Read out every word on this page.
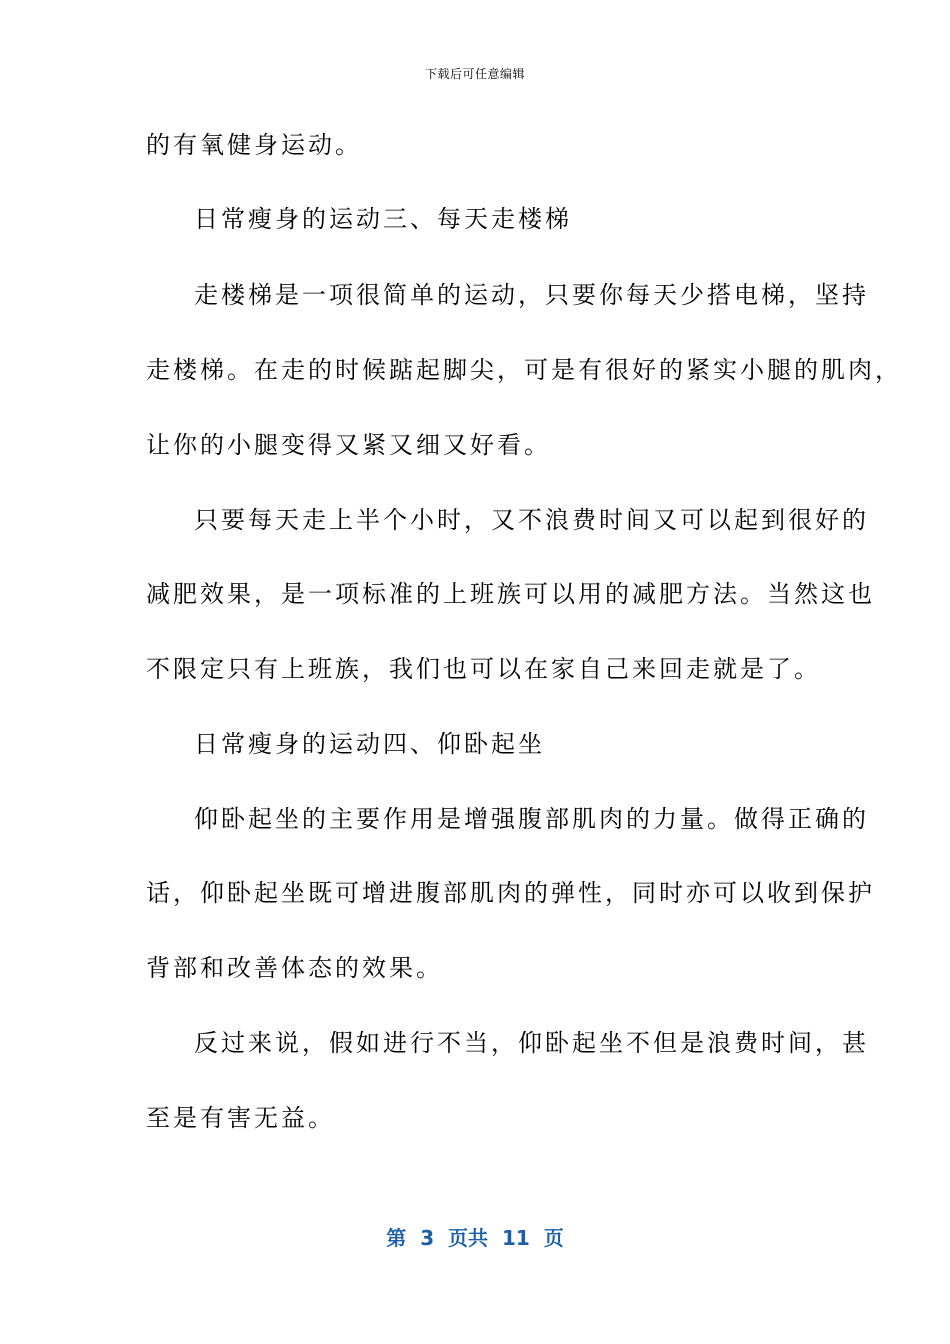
下载后可任意编辑
的有氧健身运动。
日常瘦身的运动三、每天走楼梯
走楼梯是一项很简单的运动，只要你每天少搭电梯，坚持
走楼梯。在走的时候踮起脚尖，可是有很好的紧实小腿的肌肉，
让你的小腿变得又紧又细又好看。
只要每天走上半个小时，又不浪费时间又可以起到很好的
减肥效果，是一项标准的上班族可以用的减肥方法。当然这也
不限定只有上班族，我们也可以在家自己来回走就是了。
日常瘦身的运动四、仰卧起坐
仰卧起坐的主要作用是增强腹部肌肉的力量。做得正确的
话，仰卧起坐既可增进腹部肌肉的弹性，同时亦可以收到保护
背部和改善体态的效果。
反过来说，假如进行不当，仰卧起坐不但是浪费时间，甚
至是有害无益。
第  3  页共  11  页
